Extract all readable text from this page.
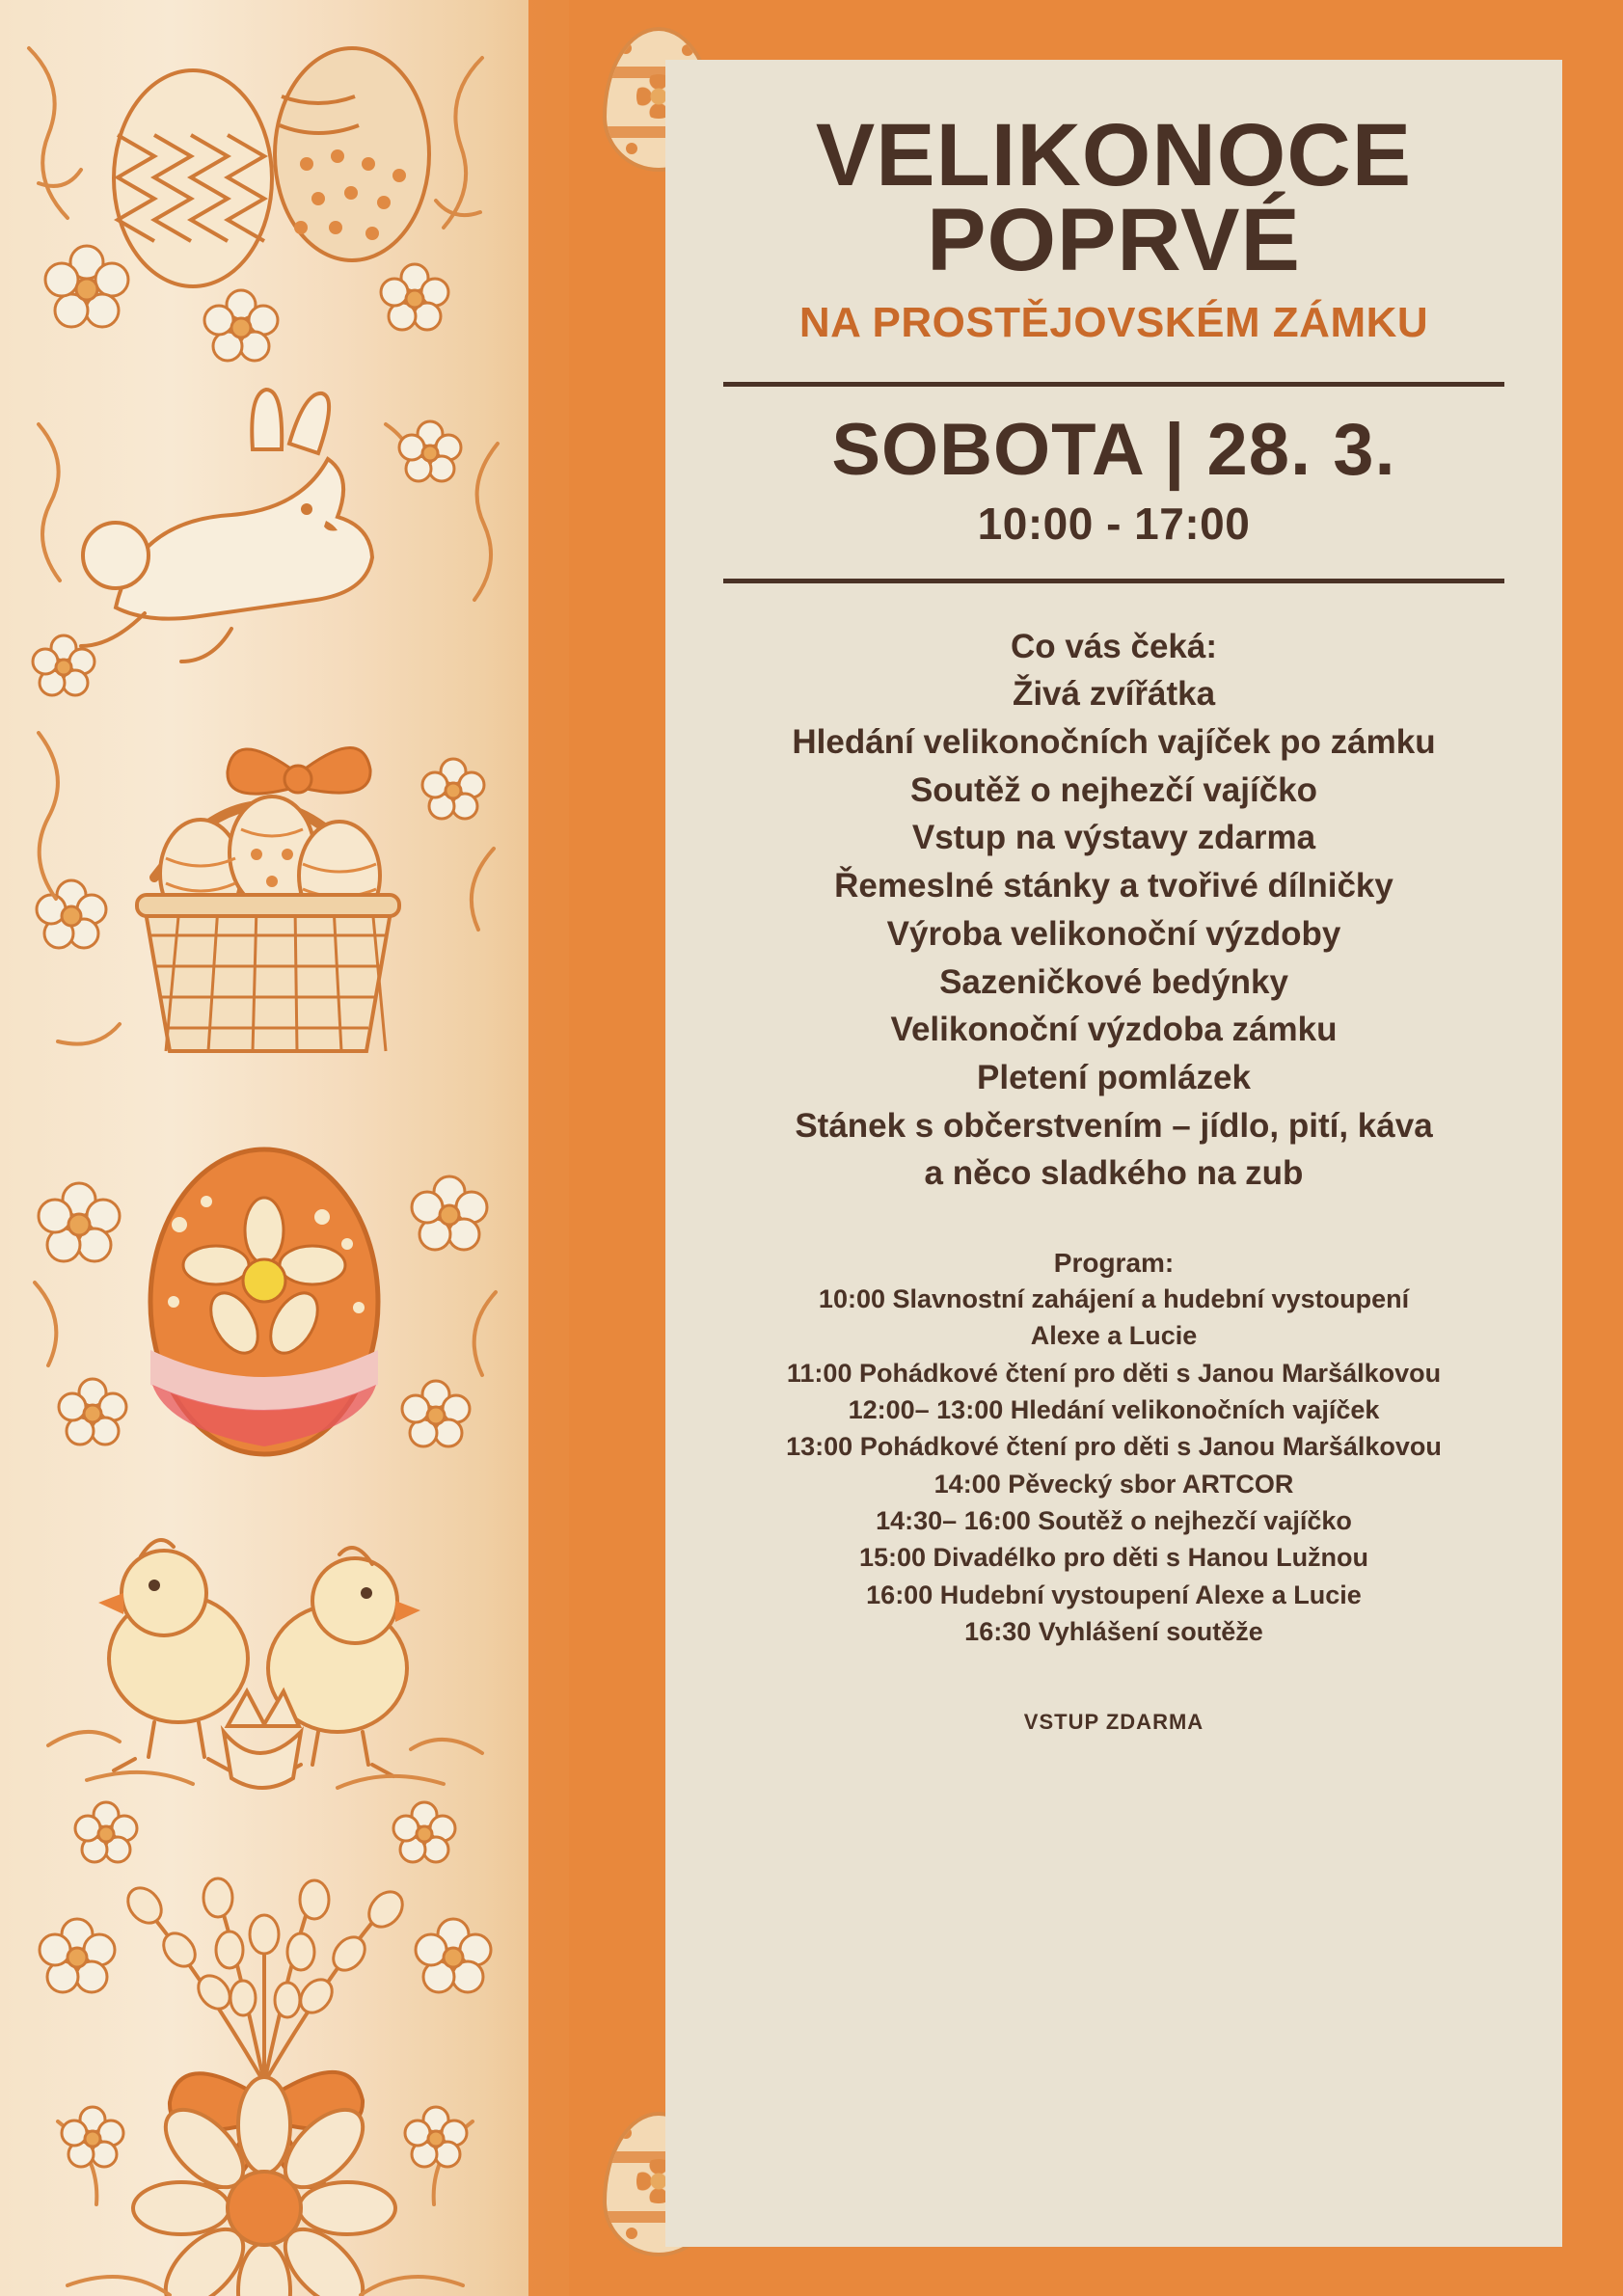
VELIKONOCE
POPRVÉ
NA PROSTĚJOVSKÉM ZÁMKU
SOBOTA | 28. 3.
10:00 - 17:00
Co vás čeká:
Živá zvířátka
Hledání velikonočních vajíček po zámku
Soutěž o nejhezčí vajíčko
Vstup na výstavy zdarma
Řemeslné stánky a tvořivé dílničky
Výroba velikonoční výzdoby
Sazeničkové bedýnky
Velikonoční výzdoba zámku
Pletení pomlázek
Stánek s občerstvením – jídlo, pití, káva
a něco sladkého na zub
Program:
10:00 Slavnostní zahájení a hudební vystoupení
Alexe a Lucie
11:00 Pohádkové čtení pro děti s Janou Maršálkovou
12:00– 13:00 Hledání velikonočních vajíček
13:00 Pohádkové čtení pro děti s Janou Maršálkovou
14:00 Pěvecký sbor ARTCOR
14:30– 16:00 Soutěž o nejhezčí vajíčko
15:00 Divadélko pro děti s Hanou Lužnou
16:00 Hudební vystoupení Alexe a Lucie
16:30 Vyhlášení soutěže
VSTUP ZDARMA
